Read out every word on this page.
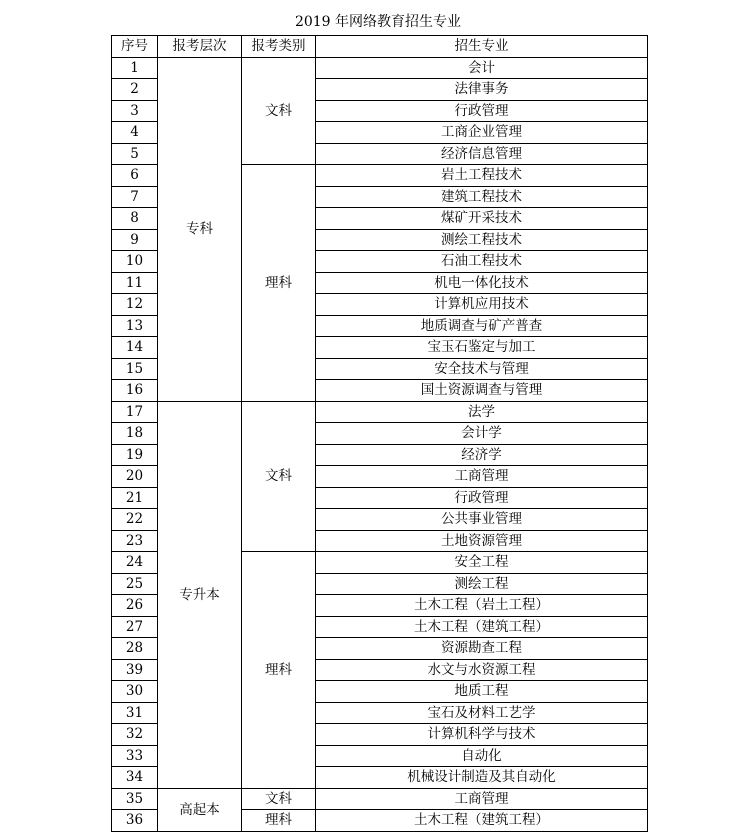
2019 年网络教育招生专业
序号	报考层次	报考类别	招生专业
1	专科	文科	会计
2			法律事务
3			行政管理
4			工商企业管理
5			经济信息管理
6		理科	岩土工程技术
7			建筑工程技术
8			煤矿开采技术
9			测绘工程技术
10			石油工程技术
11			机电一体化技术
12			计算机应用技术
13			地质调查与矿产普查
14			宝玉石鉴定与加工
15			安全技术与管理
16			国土资源调查与管理
17	专升本	文科	法学
18			会计学
19			经济学
20			工商管理
21			行政管理
22			公共事业管理
23			土地资源管理
24		理科	安全工程
25			测绘工程
26			土木工程（岩土工程）
27			土木工程（建筑工程）
28			资源勘查工程
39			水文与水资源工程
30			地质工程
31			宝石及材料工艺学
32			计算机科学与技术
33			自动化
34			机械设计制造及其自动化
35	高起本	文科	工商管理
36		理科	土木工程（建筑工程）
